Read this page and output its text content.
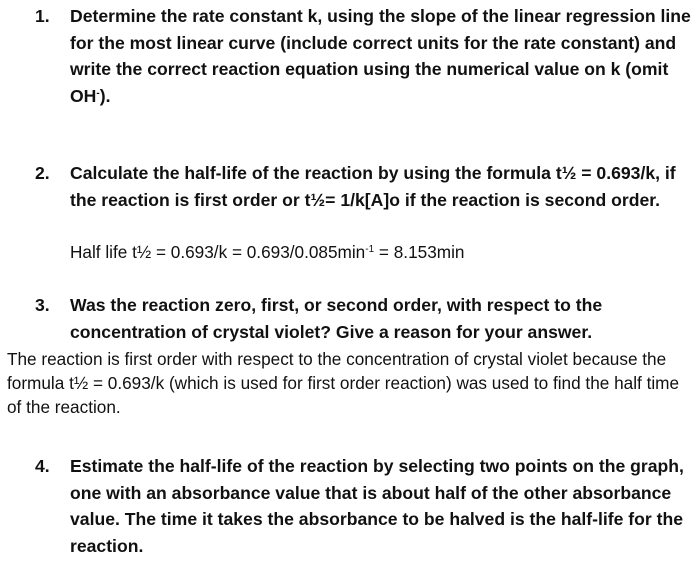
1. Determine the rate constant k, using the slope of the linear regression line for the most linear curve (include correct units for the rate constant) and write the correct reaction equation using the numerical value on k (omit OH-).

2. Calculate the half-life of the reaction by using the formula t½ = 0.693/k, if the reaction is first order or t½= 1/k[A]o if the reaction is second order.

Half life t½ = $0.693/k = 0.693/0.085\min^{-1} = 8.153\min$

3. Was the reaction zero, first, or second order, with respect to the concentration of crystal violet? Give a reason for your answer.

The reaction is first order with respect to the concentration of crystal violet because the formula t½ = 0.693/k (which is used for first order reaction) was used to find the half time of the reaction.

4. Estimate the half-life of the reaction by selecting two points on the graph, one with an absorbance value that is about half of the other absorbance value. The time it takes the absorbance to be halved is the half-life for the reaction.
